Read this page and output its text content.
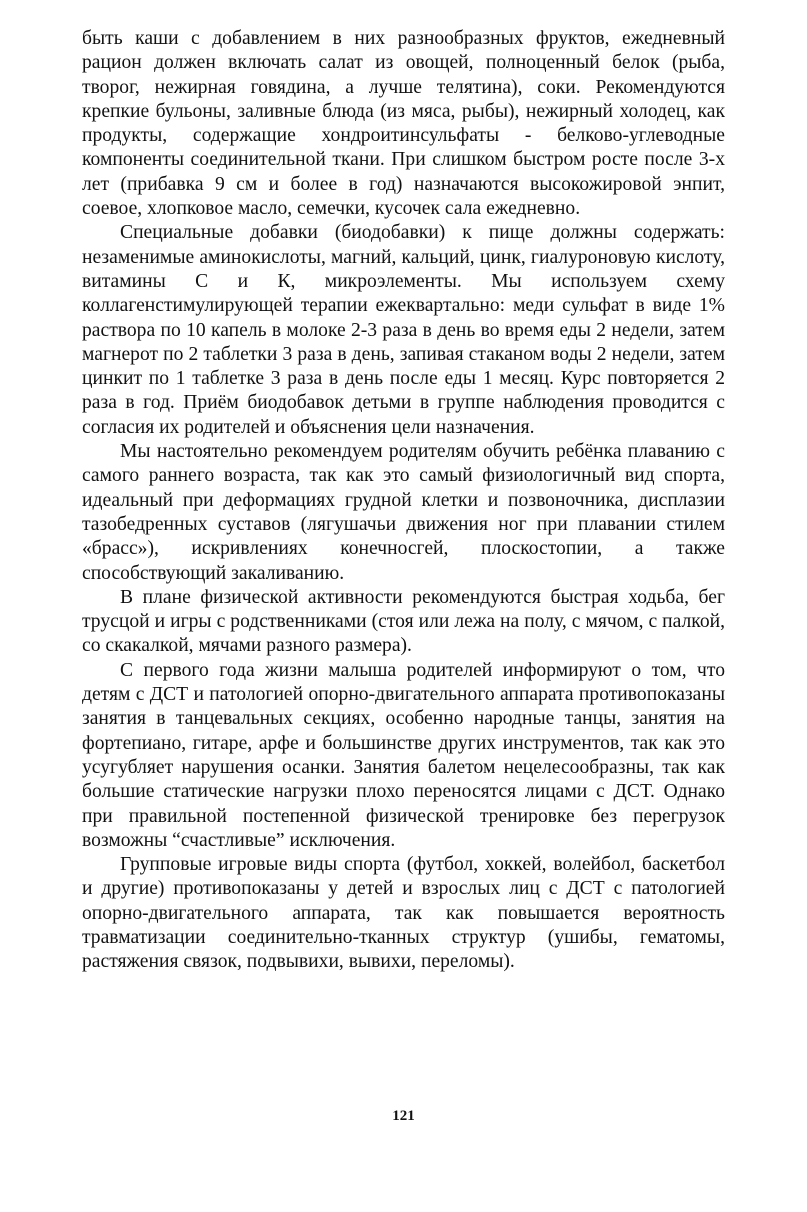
быть каши с добавлением в них разнообразных фруктов, ежедневный рацион должен включать салат из овощей, полноценный белок (рыба, творог, нежирная говядина, а лучше телятина), соки. Рекомендуются крепкие бульоны, заливные блюда (из мяса, рыбы), нежирный холодец, как продукты, содержащие хондроитинсульфаты - белково-углеводные компоненты соединительной ткани. При слишком быстром росте после 3-х лет (прибавка 9 см и более в год) назначаются высокожировой энпит, соевое, хлопковое масло, семечки, кусочек сала ежедневно.

Специальные добавки (биодобавки) к пище должны содержать: незаменимые аминокислоты, магний, кальций, цинк, гиалуроновую кислоту, витамины С и К, микроэлементы. Мы используем схему коллагенстимулирующей терапии ежеквартально: меди сульфат в виде 1% раствора по 10 капель в молоке 2-3 раза в день во время еды 2 недели, затем магнерот по 2 таблетки 3 раза в день, запивая стаканом воды 2 недели, затем цинкит по 1 таблетке 3 раза в день после еды 1 месяц. Курс повторяется 2 раза в год. Приём биодобавок детьми в группе наблюдения проводится с согласия их родителей и объяснения цели назначения.

Мы настоятельно рекомендуем родителям обучить ребёнка плаванию с самого раннего возраста, так как это самый физиологичный вид спорта, идеальный при деформациях грудной клетки и позвоночника, дисплазии тазобедренных суставов (лягушачьи движения ног при плавании стилем «брасс»), искривлениях конечносгей, плоскостопии, а также способствующий закаливанию.

В плане физической активности рекомендуются быстрая ходьба, бег трусцой и игры с родственниками (стоя или лежа на полу, с мячом, с палкой, со скакалкой, мячами разного размера).

С первого года жизни малыша родителей информируют о том, что детям с ДСТ и патологией опорно-двигательного аппарата противопоказаны занятия в танцевальных секциях, особенно народные танцы, занятия на фортепиано, гитаре, арфе и большинстве других инструментов, так как это усугубляет нарушения осанки. Занятия балетом нецелесообразны, так как большие статические нагрузки плохо переносятся лицами с ДСТ. Однако при правильной постепенной физической тренировке без перегрузок возможны “счастливые” исключения.

Групповые игровые виды спорта (футбол, хоккей, волейбол, баскетбол и другие) противопоказаны у детей и взрослых лиц с ДСТ с патологией опорно-двигательного аппарата, так как повышается вероятность травматизации соединительно-тканных структур (ушибы, гематомы, растяжения связок, подвывихи, вывихи, переломы).

121
